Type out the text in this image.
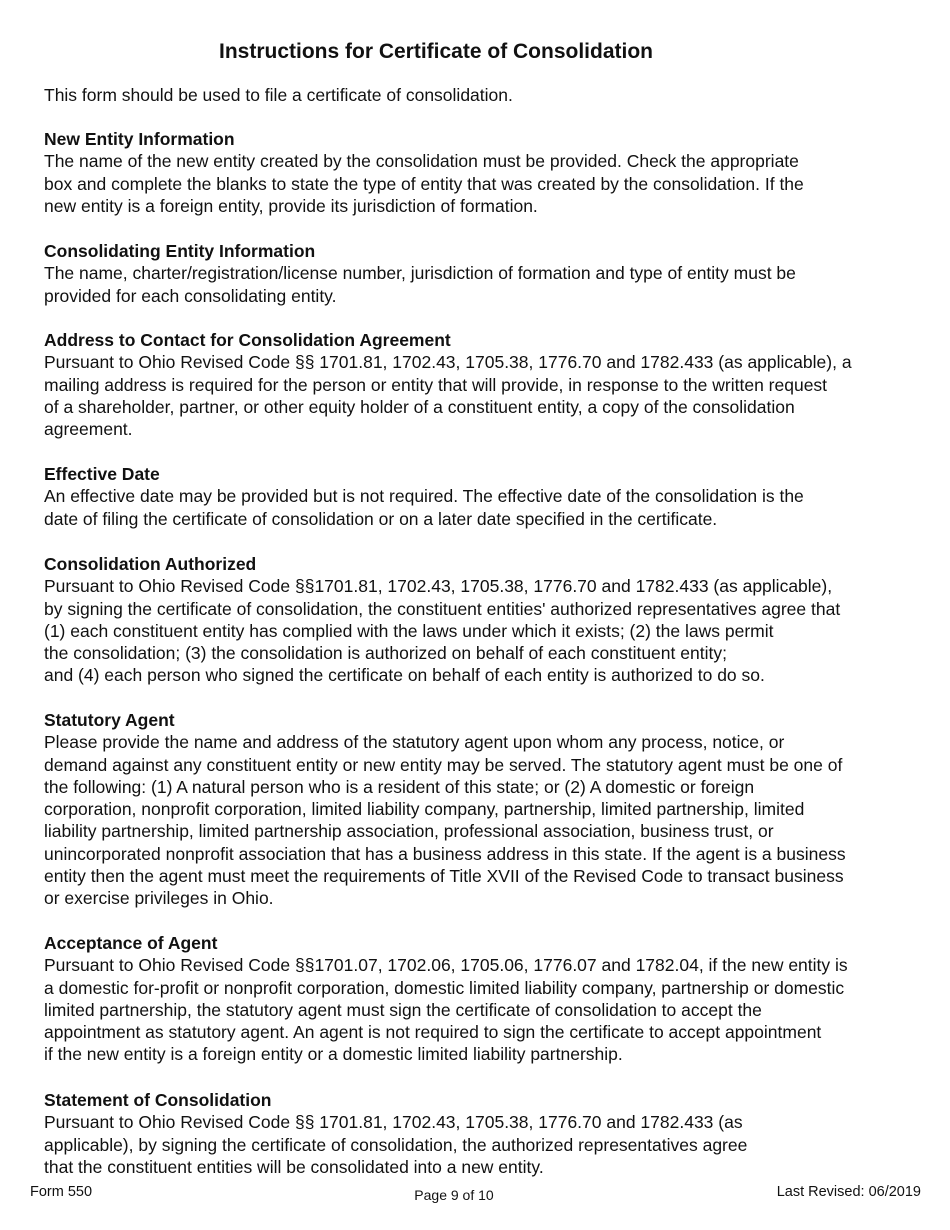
Instructions for Certificate of Consolidation

This form should be used to file a certificate of consolidation.

New Entity Information

The name of the new entity created by the consolidation must be provided. Check the appropriate

box and complete the blanks to state the type of entity that was created by the consolidation. If the

new entity is a foreign entity, provide its jurisdiction of formation.

Consolidating Entity Information

The name, charter/registration/license number, jurisdiction of formation and type of entity must be

provided for each consolidating entity.

Address to Contact for Consolidation Agreement

Pursuant to Ohio Revised Code §§ 1701.81, 1702.43, 1705.38, 1776.70 and 1782.433 (as applicable), a

mailing address is required for the person or entity that will provide, in response to the written request

of a shareholder, partner, or other equity holder of a constituent entity, a copy of the consolidation

agreement.

Effective Date

An effective date may be provided but is not required. The effective date of the consolidation is the

date of filing the certificate of consolidation or on a later date specified in the certificate.

Consolidation Authorized

Pursuant to Ohio Revised Code §§1701.81, 1702.43, 1705.38, 1776.70 and 1782.433 (as applicable),

by signing the certificate of consolidation, the constituent entities' authorized representatives agree that

(1) each constituent entity has complied with the laws under which it exists; (2) the laws permit

the consolidation; (3) the consolidation is authorized on behalf of each constituent entity;

and (4) each person who signed the certificate on behalf of each entity is authorized to do so.

Statutory Agent

Please provide the name and address of the statutory agent upon whom any process, notice, or

demand against any constituent entity or new entity may be served. The statutory agent must be one of

the following: (1) A natural person who is a resident of this state; or (2) A domestic or foreign

corporation, nonprofit corporation, limited liability company, partnership, limited partnership, limited

liability partnership, limited partnership association, professional association, business trust, or

unincorporated nonprofit association that has a business address in this state. If the agent is a business

entity then the agent must meet the requirements of Title XVII of the Revised Code to transact business

or exercise privileges in Ohio.

Acceptance of Agent

Pursuant to Ohio Revised Code §§1701.07, 1702.06, 1705.06, 1776.07 and 1782.04, if the new entity is

a domestic for-profit or nonprofit corporation, domestic limited liability company, partnership or domestic

limited partnership, the statutory agent must sign the certificate of consolidation to accept the

appointment as statutory agent. An agent is not required to sign the certificate to accept appointment

if the new entity is a foreign entity or a domestic limited liability partnership.

Statement of Consolidation

Pursuant to Ohio Revised Code §§ 1701.81, 1702.43, 1705.38, 1776.70 and 1782.433 (as

applicable), by signing the certificate of consolidation, the authorized representatives agree

that the constituent entities will be consolidated into a new entity.

Form 550	Page 9 of 10	Last Revised: 06/2019
